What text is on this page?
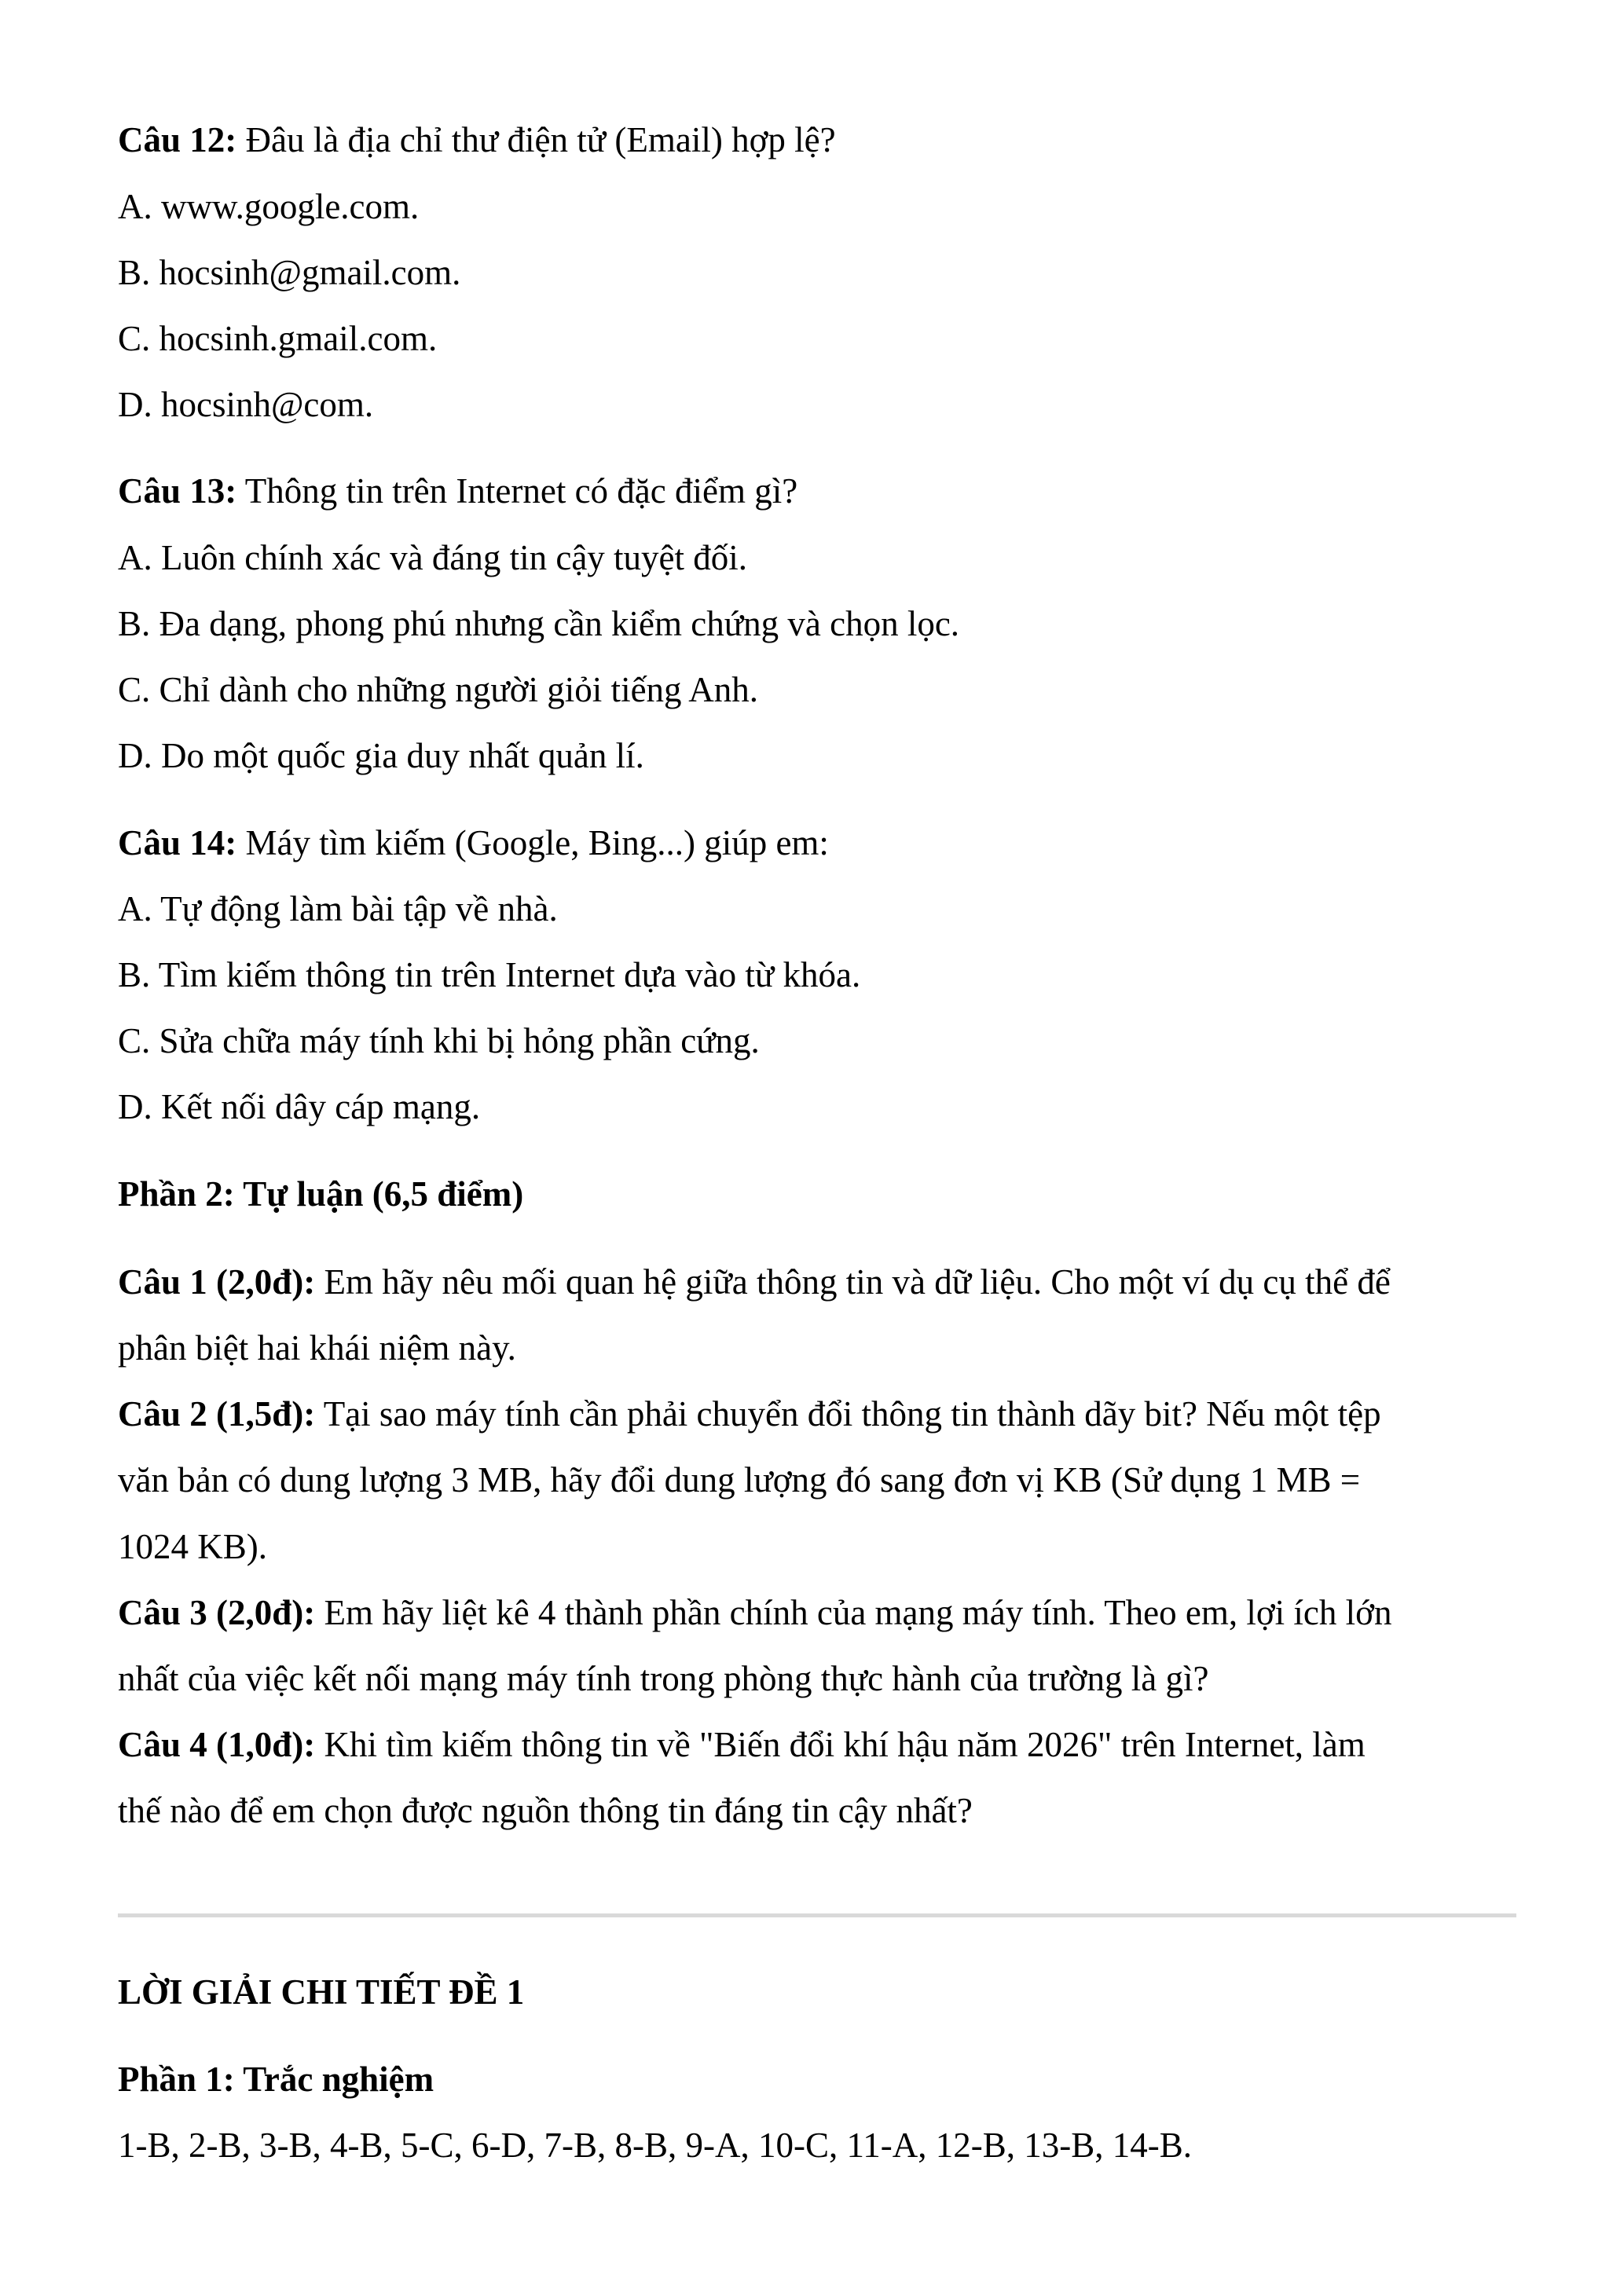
Câu 12: Đâu là địa chỉ thư điện tử (Email) hợp lệ?
A. www.google.com.
B. hocsinh@gmail.com.
C. hocsinh.gmail.com.
D. hocsinh@com.
Câu 13: Thông tin trên Internet có đặc điểm gì?
A. Luôn chính xác và đáng tin cậy tuyệt đối.
B. Đa dạng, phong phú nhưng cần kiểm chứng và chọn lọc.
C. Chỉ dành cho những người giỏi tiếng Anh.
D. Do một quốc gia duy nhất quản lí.
Câu 14: Máy tìm kiếm (Google, Bing...) giúp em:
A. Tự động làm bài tập về nhà.
B. Tìm kiếm thông tin trên Internet dựa vào từ khóa.
C. Sửa chữa máy tính khi bị hỏng phần cứng.
D. Kết nối dây cáp mạng.
Phần 2: Tự luận (6,5 điểm)
Câu 1 (2,0đ): Em hãy nêu mối quan hệ giữa thông tin và dữ liệu. Cho một ví dụ cụ thể để
phân biệt hai khái niệm này.
Câu 2 (1,5đ): Tại sao máy tính cần phải chuyển đổi thông tin thành dãy bit? Nếu một tệp
văn bản có dung lượng 3 MB, hãy đổi dung lượng đó sang đơn vị KB (Sử dụng 1 MB =
1024 KB).
Câu 3 (2,0đ): Em hãy liệt kê 4 thành phần chính của mạng máy tính. Theo em, lợi ích lớn
nhất của việc kết nối mạng máy tính trong phòng thực hành của trường là gì?
Câu 4 (1,0đ): Khi tìm kiếm thông tin về "Biến đổi khí hậu năm 2026" trên Internet, làm
thế nào để em chọn được nguồn thông tin đáng tin cậy nhất?
LỜI GIẢI CHI TIẾT ĐỀ 1
Phần 1: Trắc nghiệm
1-B, 2-B, 3-B, 4-B, 5-C, 6-D, 7-B, 8-B, 9-A, 10-C, 11-A, 12-B, 13-B, 14-B.
